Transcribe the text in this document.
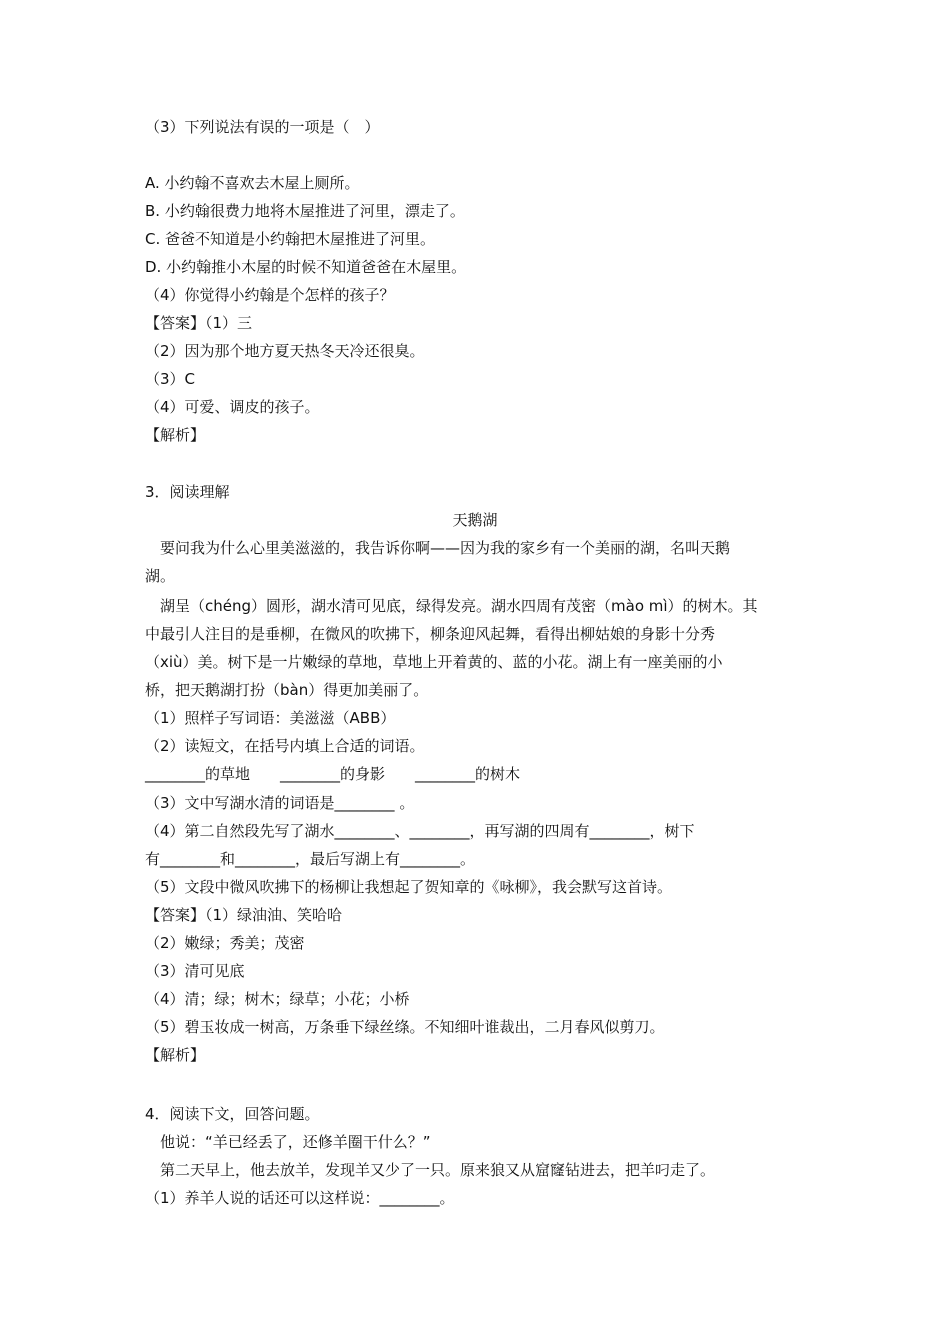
（3）下列说法有误的一项是（　）
A. 小约翰不喜欢去木屋上厕所。
B. 小约翰很费力地将木屋推进了河里，漂走了。
C. 爸爸不知道是小约翰把木屋推进了河里。
D. 小约翰推小木屋的时候不知道爸爸在木屋里。
（4）你觉得小约翰是个怎样的孩子？
【答案】（1）三
（2）因为那个地方夏天热冬天冷还很臭。
（3）C
（4）可爱、调皮的孩子。
【解析】
3．阅读理解
天鹅湖
　要问我为什么心里美滋滋的，我告诉你啊——因为我的家乡有一个美丽的湖，名叫天鹅
湖。
　湖呈（chéng）圆形，湖水清可见底，绿得发亮。湖水四周有茂密（mào mì）的树木。其
中最引人注目的是垂柳，在微风的吹拂下，柳条迎风起舞，看得出柳姑娘的身影十分秀
（xiù）美。树下是一片嫩绿的草地，草地上开着黄的、蓝的小花。湖上有一座美丽的小
桥，把天鹅湖打扮（bàn）得更加美丽了。
（1）照样子写词语：美滋滋（ABB）
（2）读短文，在括号内填上合适的词语。
________的草地　　________的身影　　________的树木
（3）文中写湖水清的词语是________ 。
（4）第二自然段先写了湖水________、________，再写湖的四周有________，树下
有________和________，最后写湖上有________。
（5）文段中微风吹拂下的杨柳让我想起了贺知章的《咏柳》，我会默写这首诗。
【答案】（1）绿油油、笑哈哈
（2）嫩绿；秀美；茂密
（3）清可见底
（4）清；绿；树木；绿草；小花；小桥
（5）碧玉妆成一树高，万条垂下绿丝绦。不知细叶谁裁出，二月春风似剪刀。
【解析】
4．阅读下文，回答问题。
　他说：“羊已经丢了，还修羊圈干什么？”
　第二天早上，他去放羊，发现羊又少了一只。原来狼又从窟窿钻进去，把羊叼走了。
（1）养羊人说的话还可以这样说：________。
